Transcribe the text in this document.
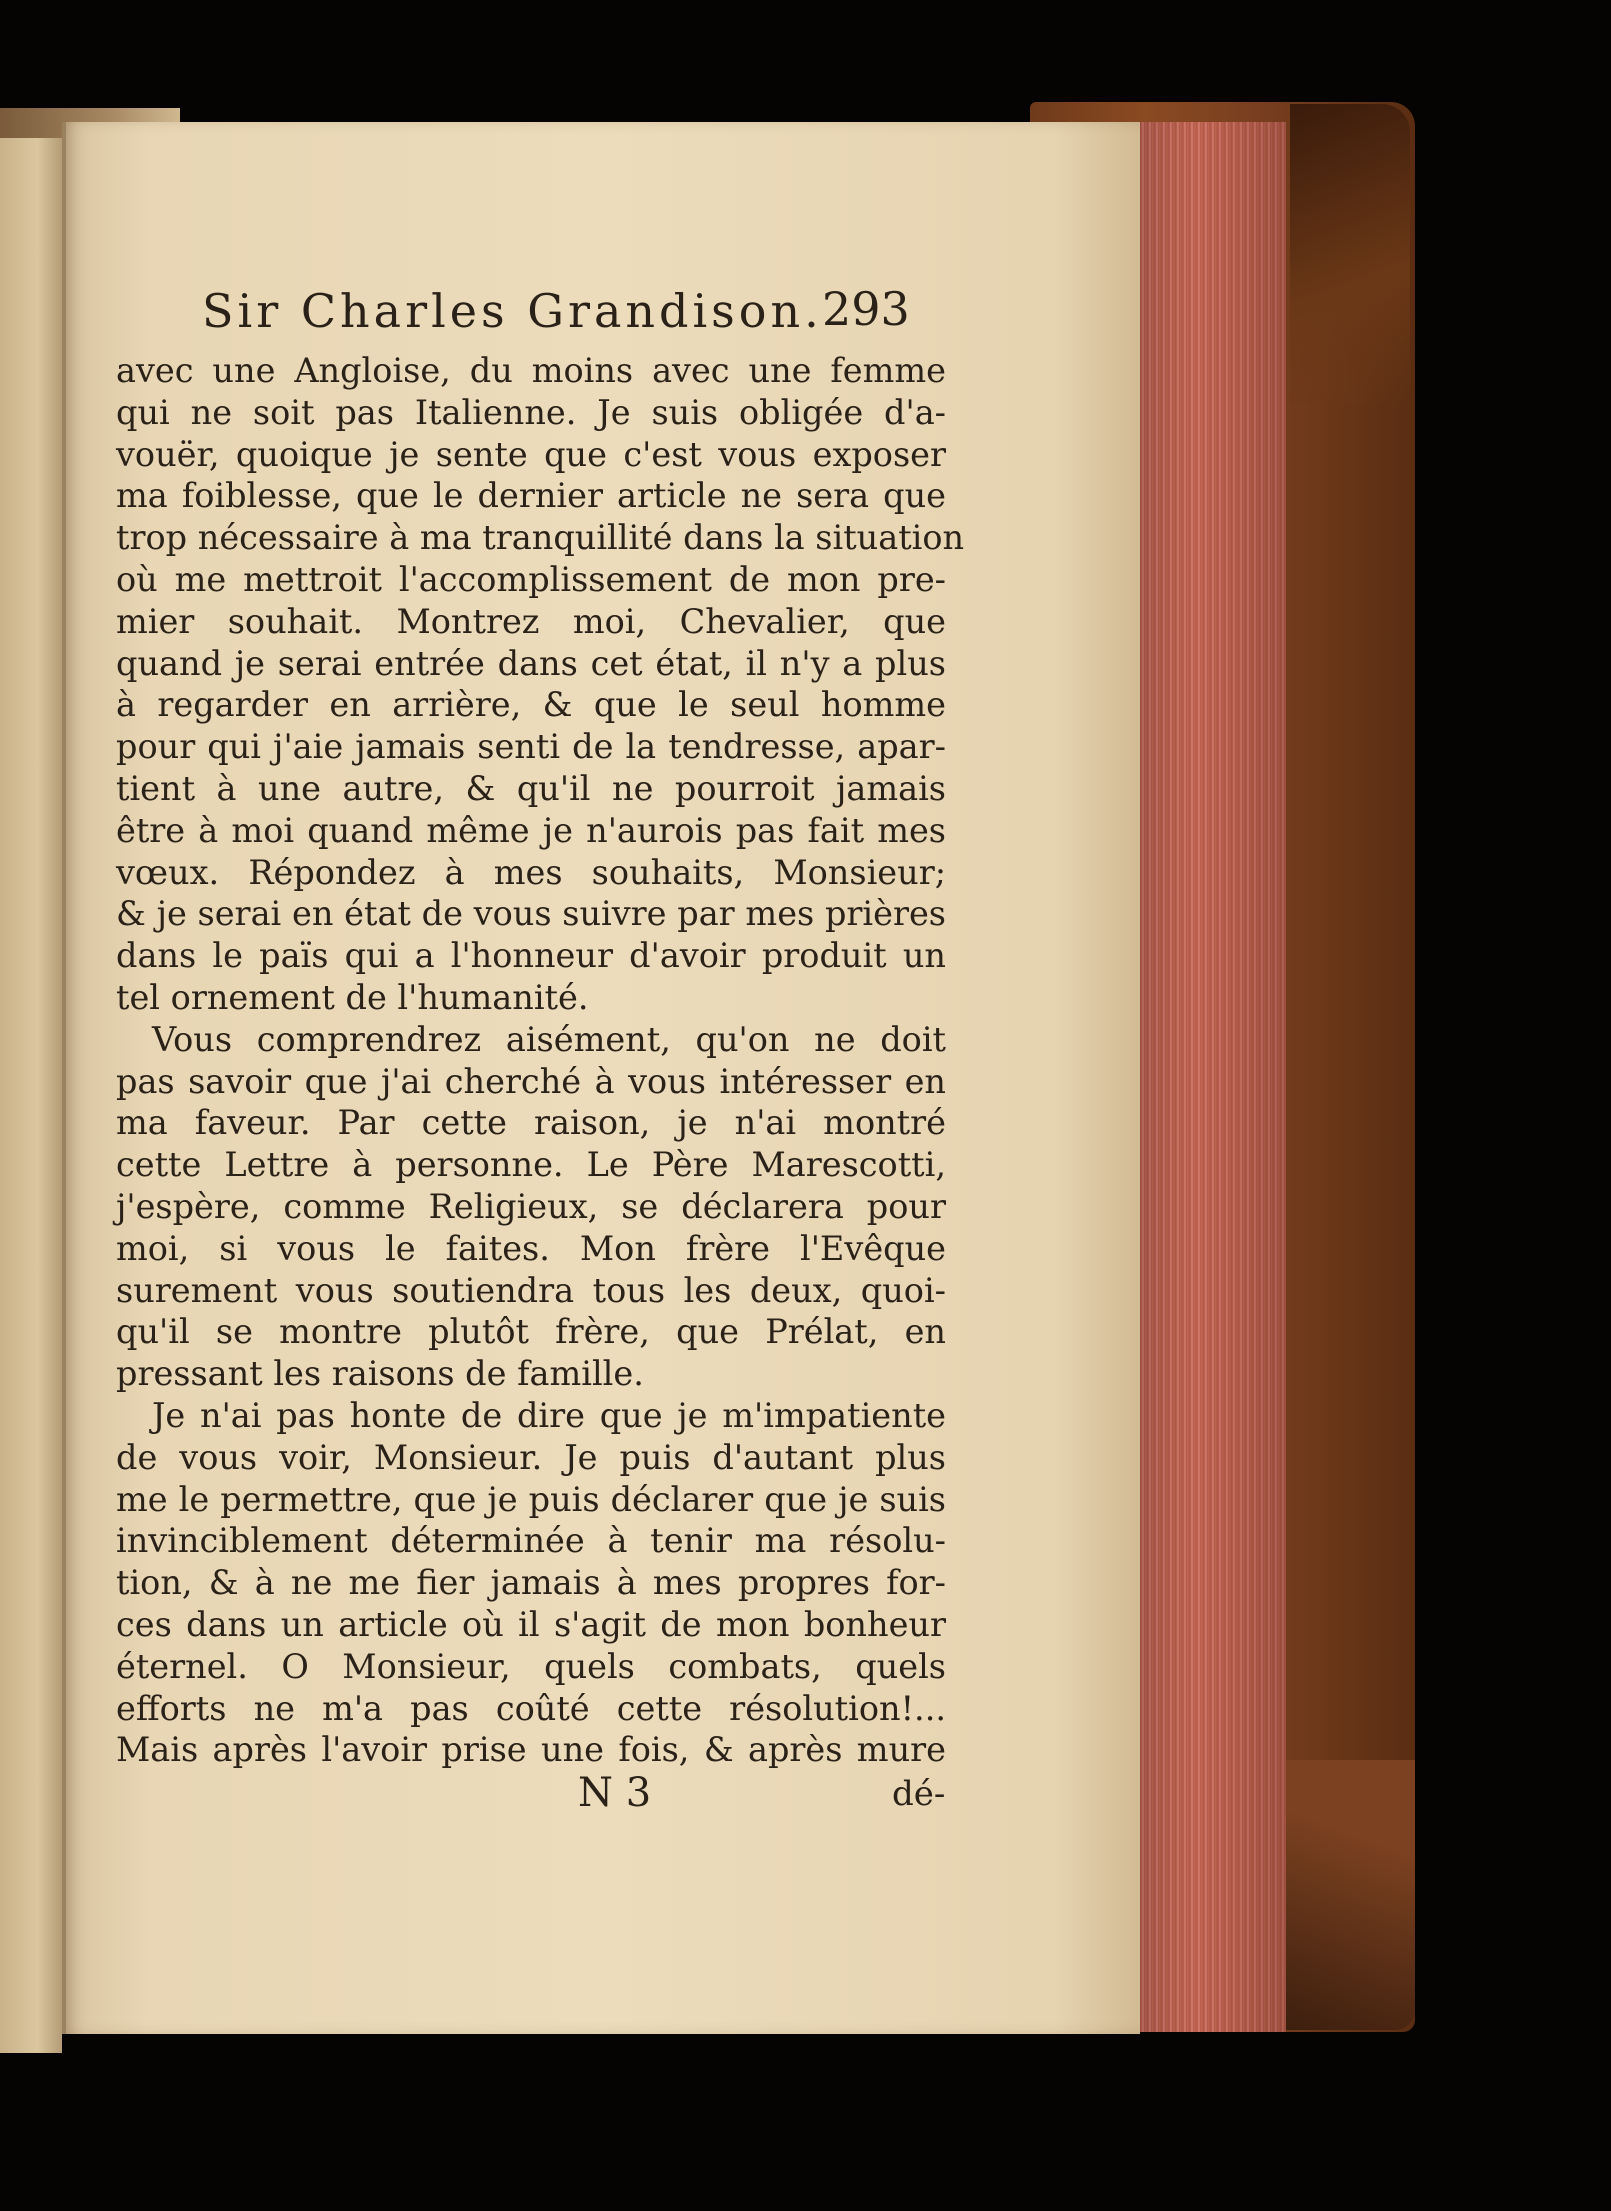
Sir Charles Grandison. 293
avec une Angloise, du moins avec une femme
qui ne soit pas Italienne. Je suis obligée d'a-
vouër, quoique je sente que c'est vous exposer
ma foiblesse, que le dernier article ne sera que
trop nécessaire à ma tranquillité dans la situation
où me mettroit l'accomplissement de mon pre-
mier souhait. Montrez moi, Chevalier, que
quand je serai entrée dans cet état, il n'y a plus
à regarder en arrière, & que le seul homme
pour qui j'aie jamais senti de la tendresse, apar-
tient à une autre, & qu'il ne pourroit jamais
être à moi quand même je n'aurois pas fait mes
vœux. Répondez à mes souhaits, Monsieur;
& je serai en état de vous suivre par mes prières
dans le païs qui a l'honneur d'avoir produit un
tel ornement de l'humanité.
Vous comprendrez aisément, qu'on ne doit
pas savoir que j'ai cherché à vous intéresser en
ma faveur. Par cette raison, je n'ai montré
cette Lettre à personne. Le Père Marescotti,
j'espère, comme Religieux, se déclarera pour
moi, si vous le faites. Mon frère l'Evêque
surement vous soutiendra tous les deux, quoi-
qu'il se montre plutôt frère, que Prélat, en
pressant les raisons de famille.
Je n'ai pas honte de dire que je m'impatiente
de vous voir, Monsieur. Je puis d'autant plus
me le permettre, que je puis déclarer que je suis
invinciblement déterminée à tenir ma résolu-
tion, & à ne me fier jamais à mes propres for-
ces dans un article où il s'agit de mon bonheur
éternel. O Monsieur, quels combats, quels
efforts ne m'a pas coûté cette résolution!...
Mais après l'avoir prise une fois, & après mure
N 3	dé-
